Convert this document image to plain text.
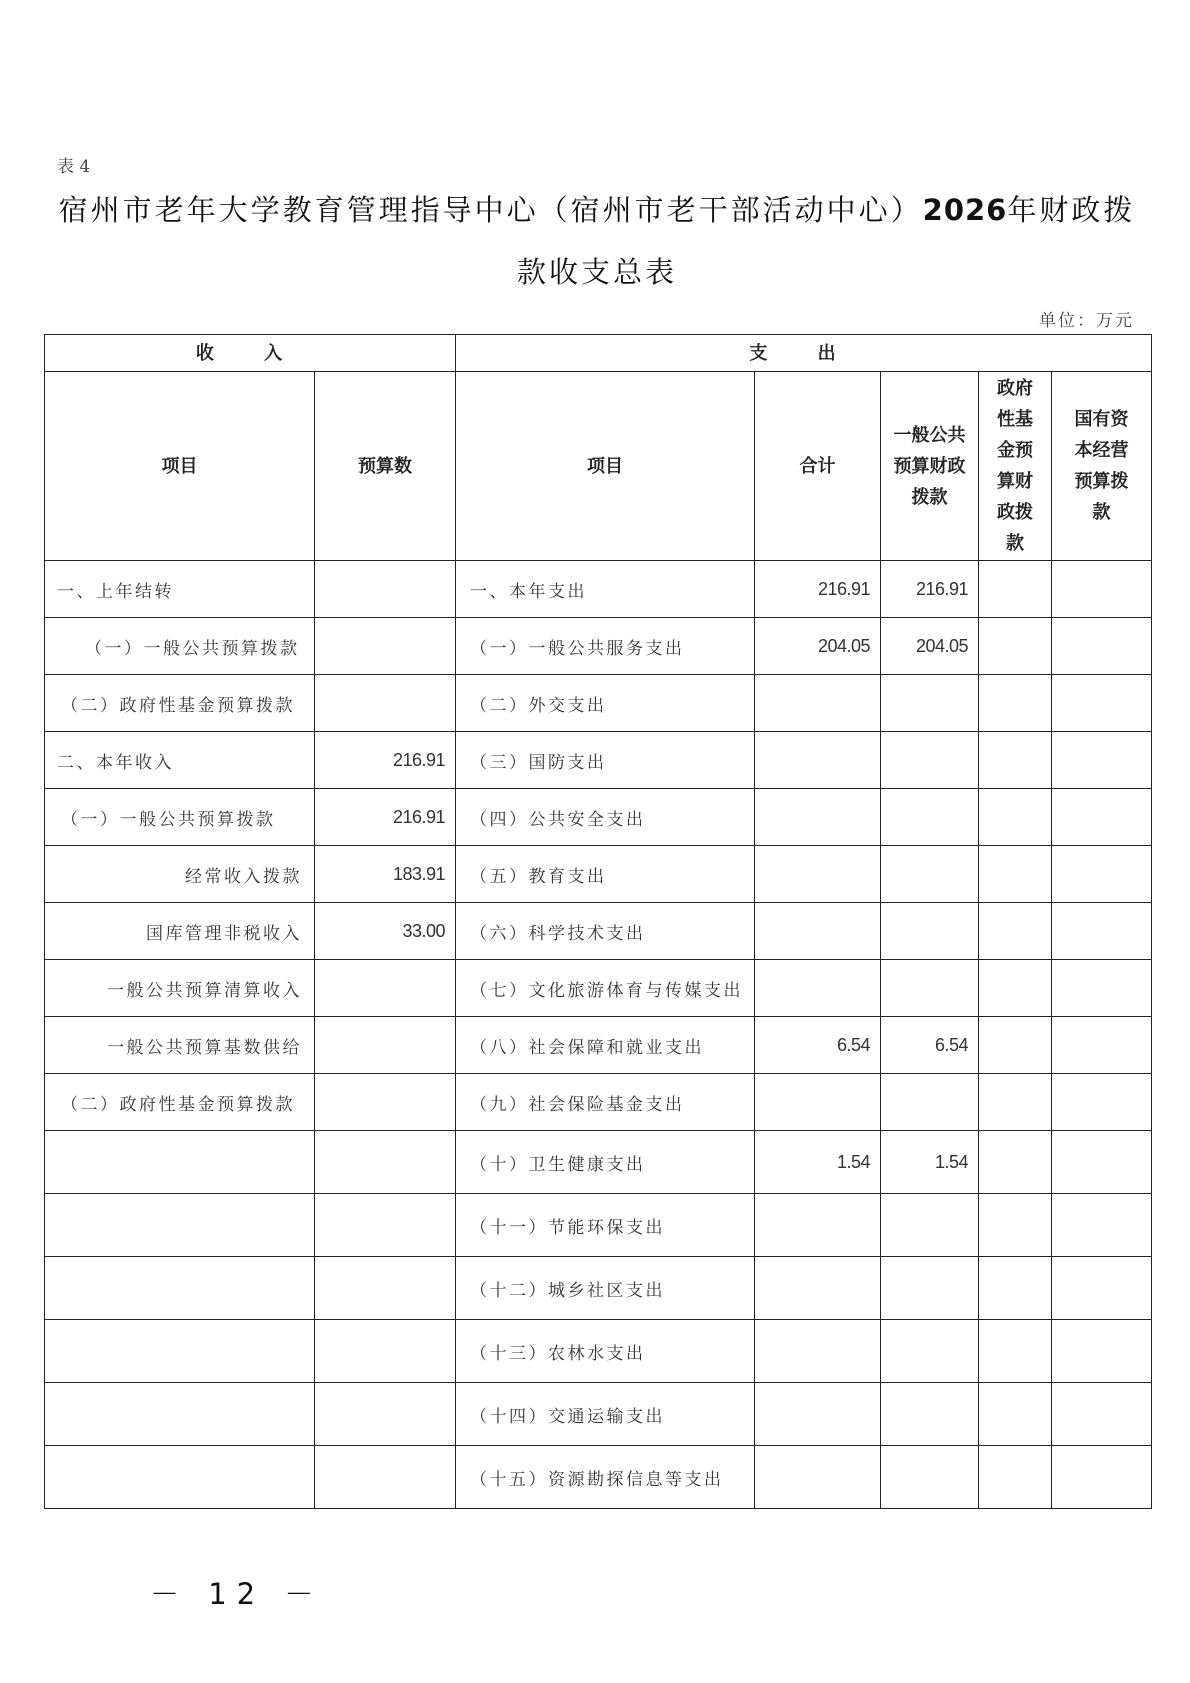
表 4
宿州市老年大学教育管理指导中心（宿州市老干部活动中心）2026年财政拨
款收支总表
单位：万元
收 入		支 出				
项目	预算数	项目	合计	一般公共预算财政拨款	政府性基金预算财政拨款	国有资本经营预算拨款
一、上年结转		一、本年支出	216.91	216.91		
（一）一般公共预算拨款		（一）一般公共服务支出	204.05	204.05		
（二）政府性基金预算拨款		（二）外交支出				
二、本年收入	216.91	（三）国防支出				
（一）一般公共预算拨款	216.91	（四）公共安全支出				
经常收入拨款	183.91	（五）教育支出				
国库管理非税收入	33.00	（六）科学技术支出				
一般公共预算清算收入		（七）文化旅游体育与传媒支出				
一般公共预算基数供给		（八）社会保障和就业支出	6.54	6.54		
（二）政府性基金预算拨款		（九）社会保险基金支出				
		（十）卫生健康支出	1.54	1.54		
		（十一）节能环保支出				
		（十二）城乡社区支出				
		（十三）农林水支出				
		（十四）交通运输支出				
		（十五）资源勘探信息等支出				
－ 12 －
